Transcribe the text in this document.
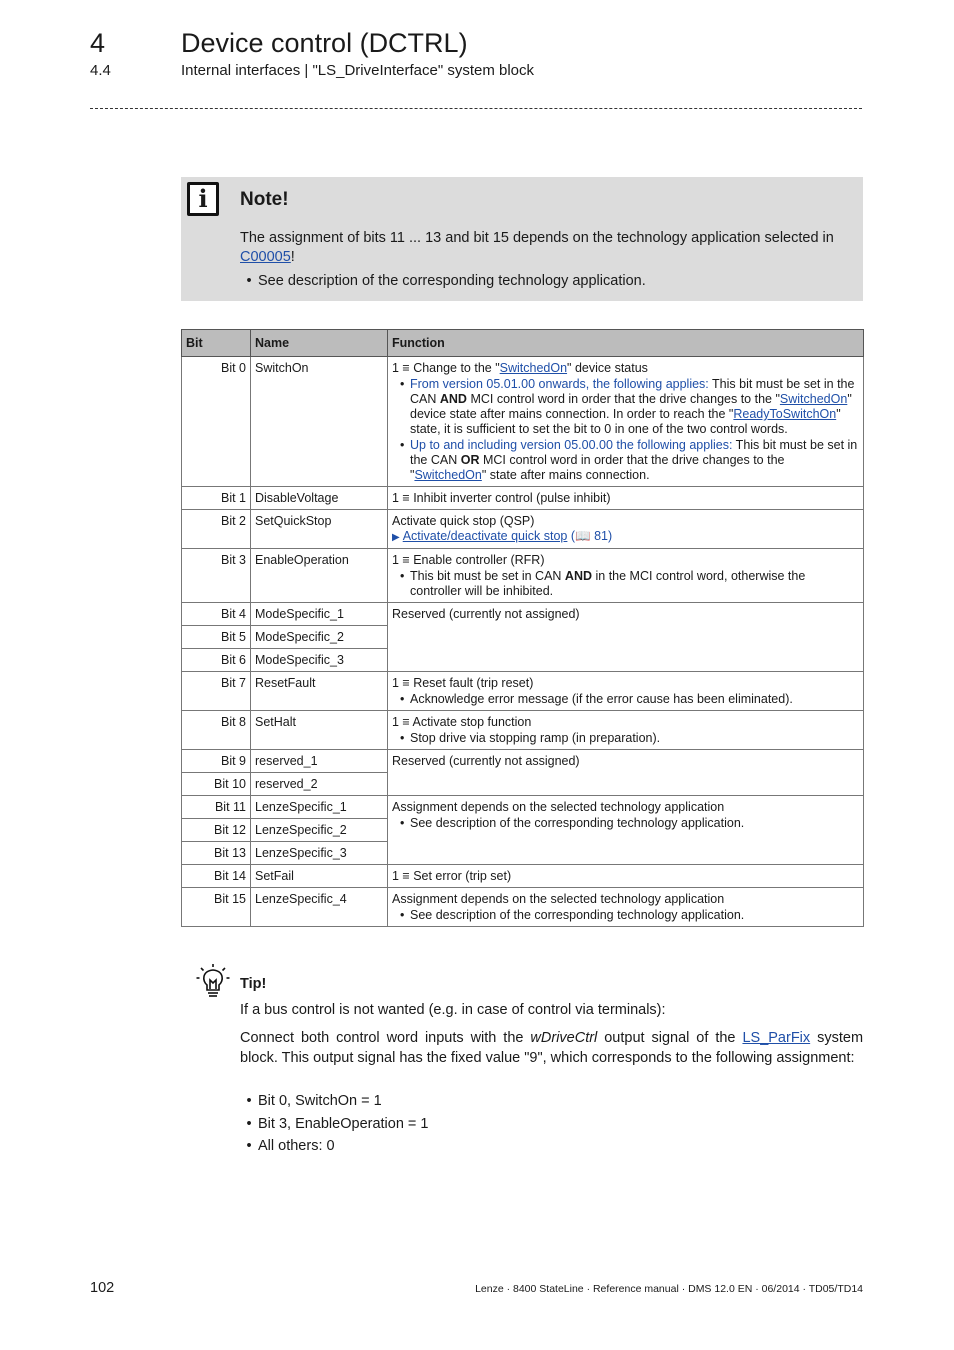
4	Device control (DCTRL)
4.4	Internal interfaces | "LS_DriveInterface" system block
i	Note!
The assignment of bits 11 ... 13 and bit 15 depends on the technology application selected in C00005!
• See description of the corresponding technology application.
Bit	Name	Function
Bit 0	SwitchOn	1 ≡ Change to the "SwitchedOn" device status
• From version 05.01.00 onwards, the following applies: This bit must be set in the CAN AND MCI control word in order that the drive changes to the "SwitchedOn" device state after mains connection. In order to reach the "ReadyToSwitchOn" state, it is sufficient to set the bit to 0 in one of the two control words.
• Up to and including version 05.00.00 the following applies: This bit must be set in the CAN OR MCI control word in order that the drive changes to the "SwitchedOn" state after mains connection.

Bit 1	DisableVoltage	1 ≡ Inhibit inverter control (pulse inhibit)
Bit 2	SetQuickStop	Activate quick stop (QSP)
▶ Activate/deactivate quick stop (📖 81)

Bit 3	EnableOperation	1 ≡ Enable controller (RFR)
• This bit must be set in CAN AND in the MCI control word, otherwise the controller will be inhibited.

Bit 4	ModeSpecific_1	Reserved (currently not assigned)
Bit 5	ModeSpecific_2	
Bit 6	ModeSpecific_3	
Bit 7	ResetFault	1 ≡ Reset fault (trip reset)
• Acknowledge error message (if the error cause has been eliminated).

Bit 8	SetHalt	1 ≡ Activate stop function
• Stop drive via stopping ramp (in preparation).

Bit 9	reserved_1	Reserved (currently not assigned)
Bit 10	reserved_2	
Bit 11	LenzeSpecific_1	Assignment depends on the selected technology application
• See description of the corresponding technology application.

Bit 12	LenzeSpecific_2	
Bit 13	LenzeSpecific_3	
Bit 14	SetFail	1 ≡ Set error (trip set)
Bit 15	LenzeSpecific_4	Assignment depends on the selected technology application
• See description of the corresponding technology application.
Tip!
If a bus control is not wanted (e.g. in case of control via terminals):
Connect both control word inputs with the wDriveCtrl output signal of the LS_ParFix system block. This output signal has the fixed value "9", which corresponds to the following assignment:
• Bit 0, SwitchOn = 1
• Bit 3, EnableOperation = 1
• All others: 0
102	Lenze · 8400 StateLine · Reference manual · DMS 12.0 EN · 06/2014 · TD05/TD14
